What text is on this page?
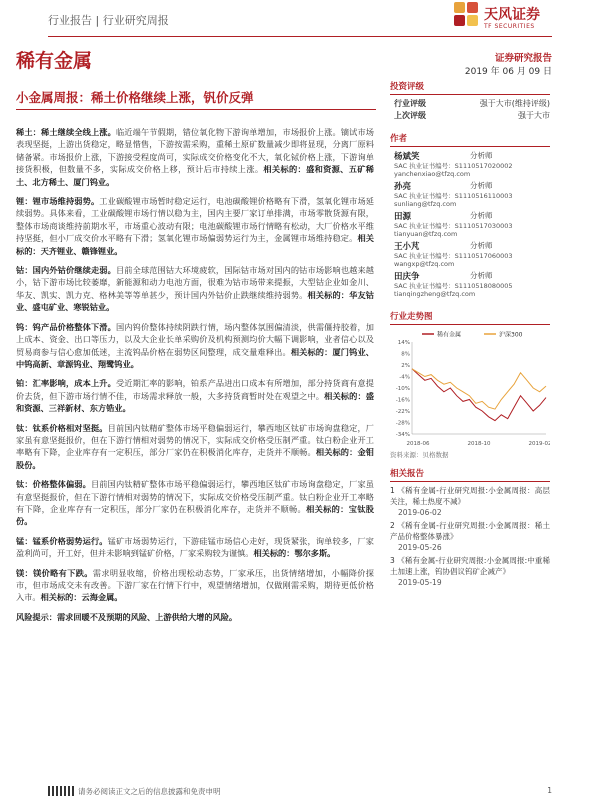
行业报告 | 行业研究周报	天风证券
TF SECURITIES
稀有金属	证券研究报告
2019 年 06 月 09 日
小金属周报：稀土价格继续上涨，钒价反弹
稀土：稀土继续全线上涨。临近端午节假期，错位氧化物下游询单增加，市场报价上涨。镝试市场表现坚挺，上游出货稳定，略显惜售，下游按需采购，重稀土原矿数量减少即将显现，分离厂原料储备紧。市场报价上涨，下游接受程度尚可，实际成交价格变化不大，氧化铽价格上涨，下游询单接货积极，但数量不多，实际成交价格上移，预计后市持续上涨。相关标的：盛和资源、五矿稀土、北方稀土、厦门钨业。
锂：锂市场维持弱势。工业碳酸锂市场暂时稳定运行，电池碳酸锂价格略有下滑，氢氧化锂市场延续弱势。具体来看，工业碳酸锂市场行情以稳为主，国内主要厂家订单排满，市场零散货源有限，整体市场商谈维持前期水平，市场重心波动有限；电池碳酸锂市场行情略有松动，大厂价格水平维持坚挺，但小厂成交价水平略有下滑；氢氧化锂市场偏弱势运行为主，金属锂市场维持稳定。相关标的：天齐锂业、赣锋锂业。
钴：国内外钴价继续走弱。目前全球范围钴大环境疲软，国际钴市场对国内的钴市场影响也越来越小，钴下游市场比较萎靡，新能源和动力电池方面，很难为钴市场带来提振，大型钴企业如金川、华友、凯实、凯力克、格林美等等单甚少，预计国内外钴价止跌继续维持弱势。相关标的：华友钴业、盛屯矿业、寒锐钴业。
钨：钨产品价格整体下滑。国内钨价整体持续阴跌行情，场内整体氛围偏清淡，供需僵持胶着，加上成本、资金、出口等压力，以及大企业长单采购价及机构预测均价大幅下调影响，业者信心以及贸易商参与信心愈加低迷，主流钨品价格在弱势区间整理，成交量难释出。相关标的：厦门钨业、中钨高新、章源钨业、翔鹭钨业。
铂：汇率影响，成本上升。受近期汇率的影响，铂系产品进出口成本有所增加，部分持货商有意提价去货，但下游市场行情不佳，市场需求释放一般，大多持货商暂时处在观望之中。相关标的：盛和资源、三祥新材、东方锆业。
钛：钛系价格相对坚挺。目前国内钛精矿整体市场平稳偏弱运行，攀西地区钛矿市场询盘稳定，厂家虽有意坚挺报价，但在下游行情相对弱势的情况下，实际成交价格受压制严重。钛白粉企业开工率略有下降，企业库存有一定积压，部分厂家仍在积极消化库存，走货并不顺畅。相关标的：金钼股份。
钛：价格整体偏弱。目前国内钛精矿整体市场平稳偏弱运行，攀西地区钛矿市场询盘稳定，厂家虽有意坚挺报价，但在下游行情相对弱势的情况下，实际成交价格受压制严重。钛白粉企业开工率略有下降，企业库存有一定积压，部分厂家仍在积极消化库存，走货并不顺畅。相关标的：宝钛股份。
锰：锰系价格弱势运行。锰矿市场弱势运行，下游硅锰市场信心走好，现货紧张，询单较多，厂家盈利尚可，开工好，但并未影响到锰矿价格，厂家采购较为谨慎。相关标的：鄂尔多斯。
镁：镁价略有下跌。需求明显收缩，价格出现松动态势，厂家承压，出货情绪增加，小幅降价探市，但市场成交未有改善。下游厂家在行情下行中，观望情绪增加，仅做刚需采购，期待更低价格入市。相关标的：云海金属。
风险提示：需求回暖不及预期的风险、上游供给大增的风险。
投资评级
行业评级	强于大市(维持评级)
上次评级	强于大市
作者
杨斌笑	分析师
SAC 执业证书编号：S1110517020002
yanchenxiao@tfzq.com
孙亮	分析师
SAC 执业证书编号：S1110516110003
sunliang@tfzq.com
田源	分析师
SAC 执业证书编号：S1110517030003
tianyuan@tfzq.com
王小芃	分析师
SAC 执业证书编号：S1110517060003
wangxp@tfzq.com
田庆争	分析师
SAC 执业证书编号：S1110518080005
tianqingzheng@tfzq.com
行业走势图
稀有金属	沪深300
14%
8%
2%
-4%
-10%
-16%
-22%
-28%
-34%
2018-06	2018-10	2019-02
资料来源：贝格数据
相关报告
1 《稀有金属-行业研究周报:小金属周报：高层关注，稀土热度不减》
2019-06-02
2 《稀有金属-行业研究周报:小金属周报：稀土产品价格整体暴涨》
2019-05-26
3 《稀有金属-行业研究周报:小金属周报:中重稀土加速上涨，钨协倡议钨矿企减产》
2019-05-19
请务必阅读正文之后的信息披露和免责申明	1
